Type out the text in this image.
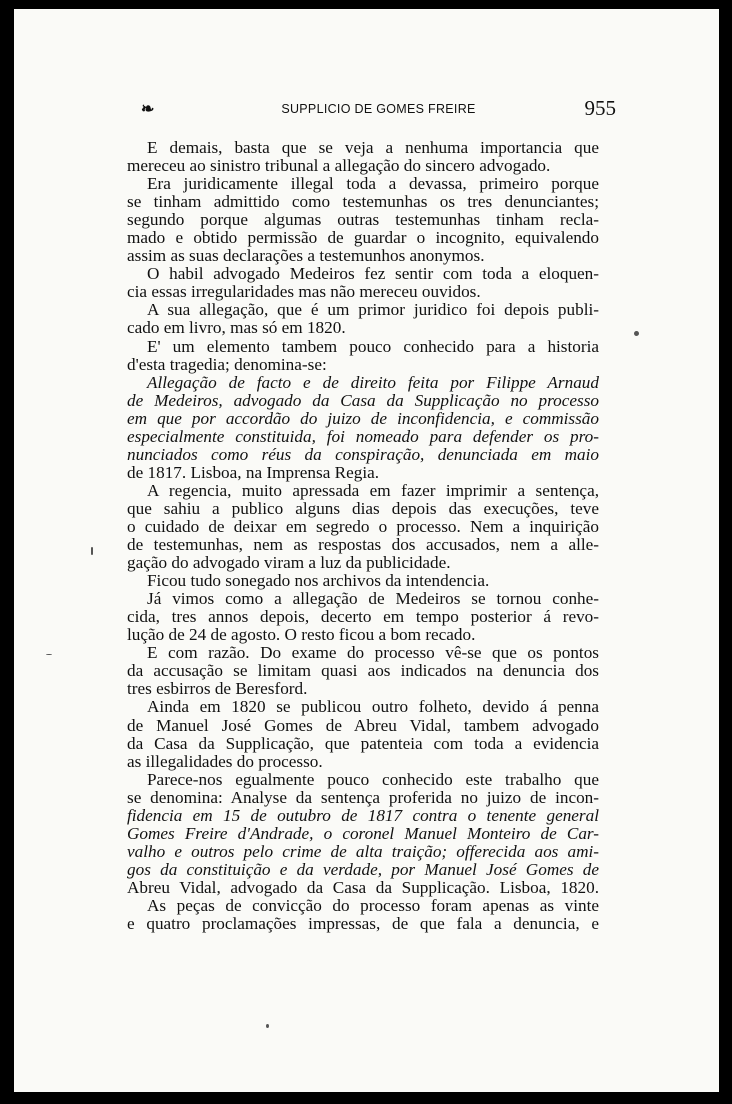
❧	SUPPLICIO DE GOMES FREIRE	955
E demais, basta que se veja a nenhuma importancia que
mereceu ao sinistro tribunal a allegação do sincero advogado.
Era juridicamente illegal toda a devassa, primeiro porque
se tinham admittido como testemunhas os tres denunciantes;
segundo porque algumas outras testemunhas tinham recla-
mado e obtido permissão de guardar o incognito, equivalendo
assim as suas declarações a testemunhos anonymos.
O habil advogado Medeiros fez sentir com toda a eloquen-
cia essas irregularidades mas não mereceu ouvidos.
A sua allegação, que é um primor juridico foi depois publi-
cado em livro, mas só em 1820.
E' um elemento tambem pouco conhecido para a historia
d'esta tragedia; denomina-se:
Allegação de facto e de direito feita por Filippe Arnaud
de Medeiros, advogado da Casa da Supplicação no processo
em que por accordão do juizo de inconfidencia, e commissão
especialmente constituida, foi nomeado para defender os pro-
nunciados como réus da conspiração, denunciada em maio
de 1817. Lisboa, na Imprensa Regia.
A regencia, muito apressada em fazer imprimir a sentença,
que sahiu a publico alguns dias depois das execuções, teve
o cuidado de deixar em segredo o processo. Nem a inquirição
de testemunhas, nem as respostas dos accusados, nem a alle-
gação do advogado viram a luz da publicidade.
Ficou tudo sonegado nos archivos da intendencia.
Já vimos como a allegação de Medeiros se tornou conhe-
cida, tres annos depois, decerto em tempo posterior á revo-
lução de 24 de agosto. O resto ficou a bom recado.
E com razão. Do exame do processo vê-se que os pontos
da accusação se limitam quasi aos indicados na denuncia dos
tres esbirros de Beresford.
Ainda em 1820 se publicou outro folheto, devido á penna
de Manuel José Gomes de Abreu Vidal, tambem advogado
da Casa da Supplicação, que patenteia com toda a evidencia
as illegalidades do processo.
Parece-nos egualmente pouco conhecido este trabalho que
se denomina: Analyse da sentença proferida no juizo de incon-
fidencia em 15 de outubro de 1817 contra o tenente general
Gomes Freire d'Andrade, o coronel Manuel Monteiro de Car-
valho e outros pelo crime de alta traição; offerecida aos ami-
gos da constituição e da verdade, por Manuel José Gomes de
Abreu Vidal, advogado da Casa da Supplicação. Lisboa, 1820.
As peças de convicção do processo foram apenas as vinte
e quatro proclamações impressas, de que fala a denuncia, e
